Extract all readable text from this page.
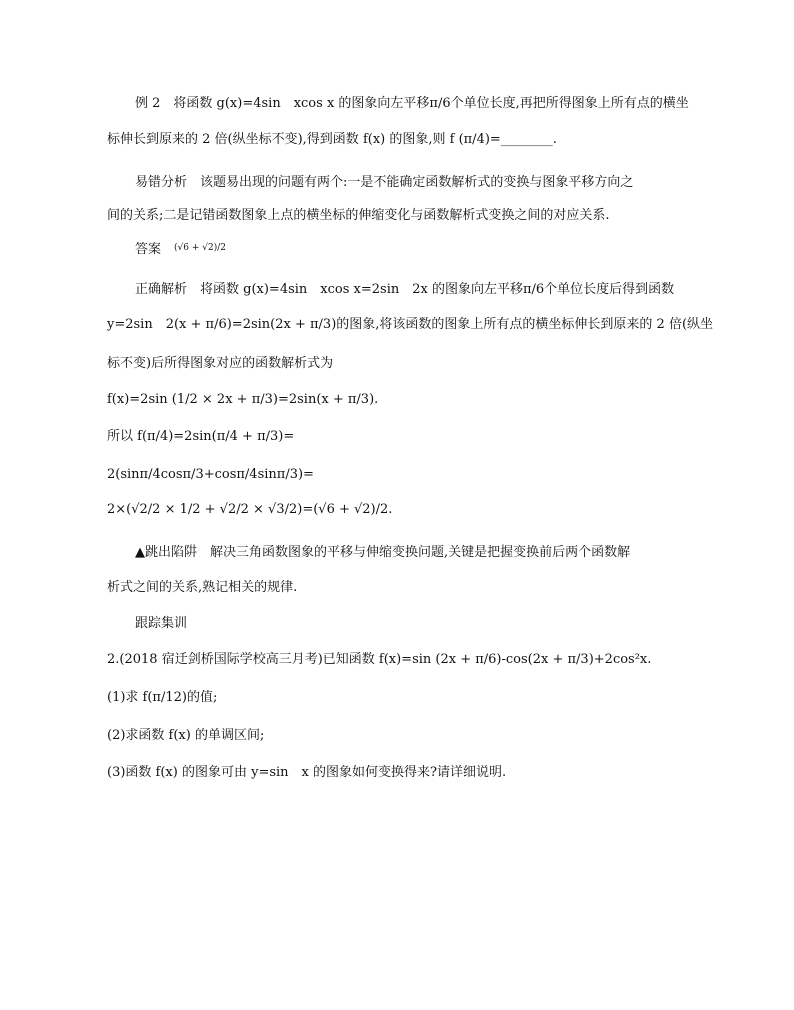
例 2　将函数 g(x)=4sin　xcos x 的图象向左平移π/6个单位长度,再把所得图象上所有点的横坐
标伸长到原来的 2 倍(纵坐标不变),得到函数 f(x) 的图象,则 f (π/4)=________.
易错分析　该题易出现的问题有两个:一是不能确定函数解析式的变换与图象平移方向之
间的关系;二是记错函数图象上点的横坐标的伸缩变化与函数解析式变换之间的对应关系.
答案　 $^{(√6 + √2)/2}$
正确解析　将函数 g(x)=4sin　xcos x=2sin　2x 的图象向左平移π/6个单位长度后得到函数
y=2sin　2(x + π/6)=2sin(2x + π/3)的图象,将该函数的图象上所有点的横坐标伸长到原来的 2 倍(纵坐
标不变)后所得图象对应的函数解析式为
f(x)=2sin (1/2 × 2x + π/3)=2sin(x + π/3).
所以 f(π/4)=2sin(π/4 + π/3)=
2(sinπ/4cosπ/3+cosπ/4sinπ/3)=
2×(√2/2 × 1/2 + √2/2 × √3/2)=(√6 + √2)/2.
▲跳出陷阱　解决三角函数图象的平移与伸缩变换问题,关键是把握变换前后两个函数解
析式之间的关系,熟记相关的规律.
跟踪集训
2.(2018 宿迁剑桥国际学校高三月考)已知函数 f(x)=sin (2x + π/6)-cos(2x + π/3)+2cos²x.
(1)求 f(π/12)的值;
(2)求函数 f(x) 的单调区间;
(3)函数 f(x) 的图象可由 y=sin　x 的图象如何变换得来?请详细说明.
